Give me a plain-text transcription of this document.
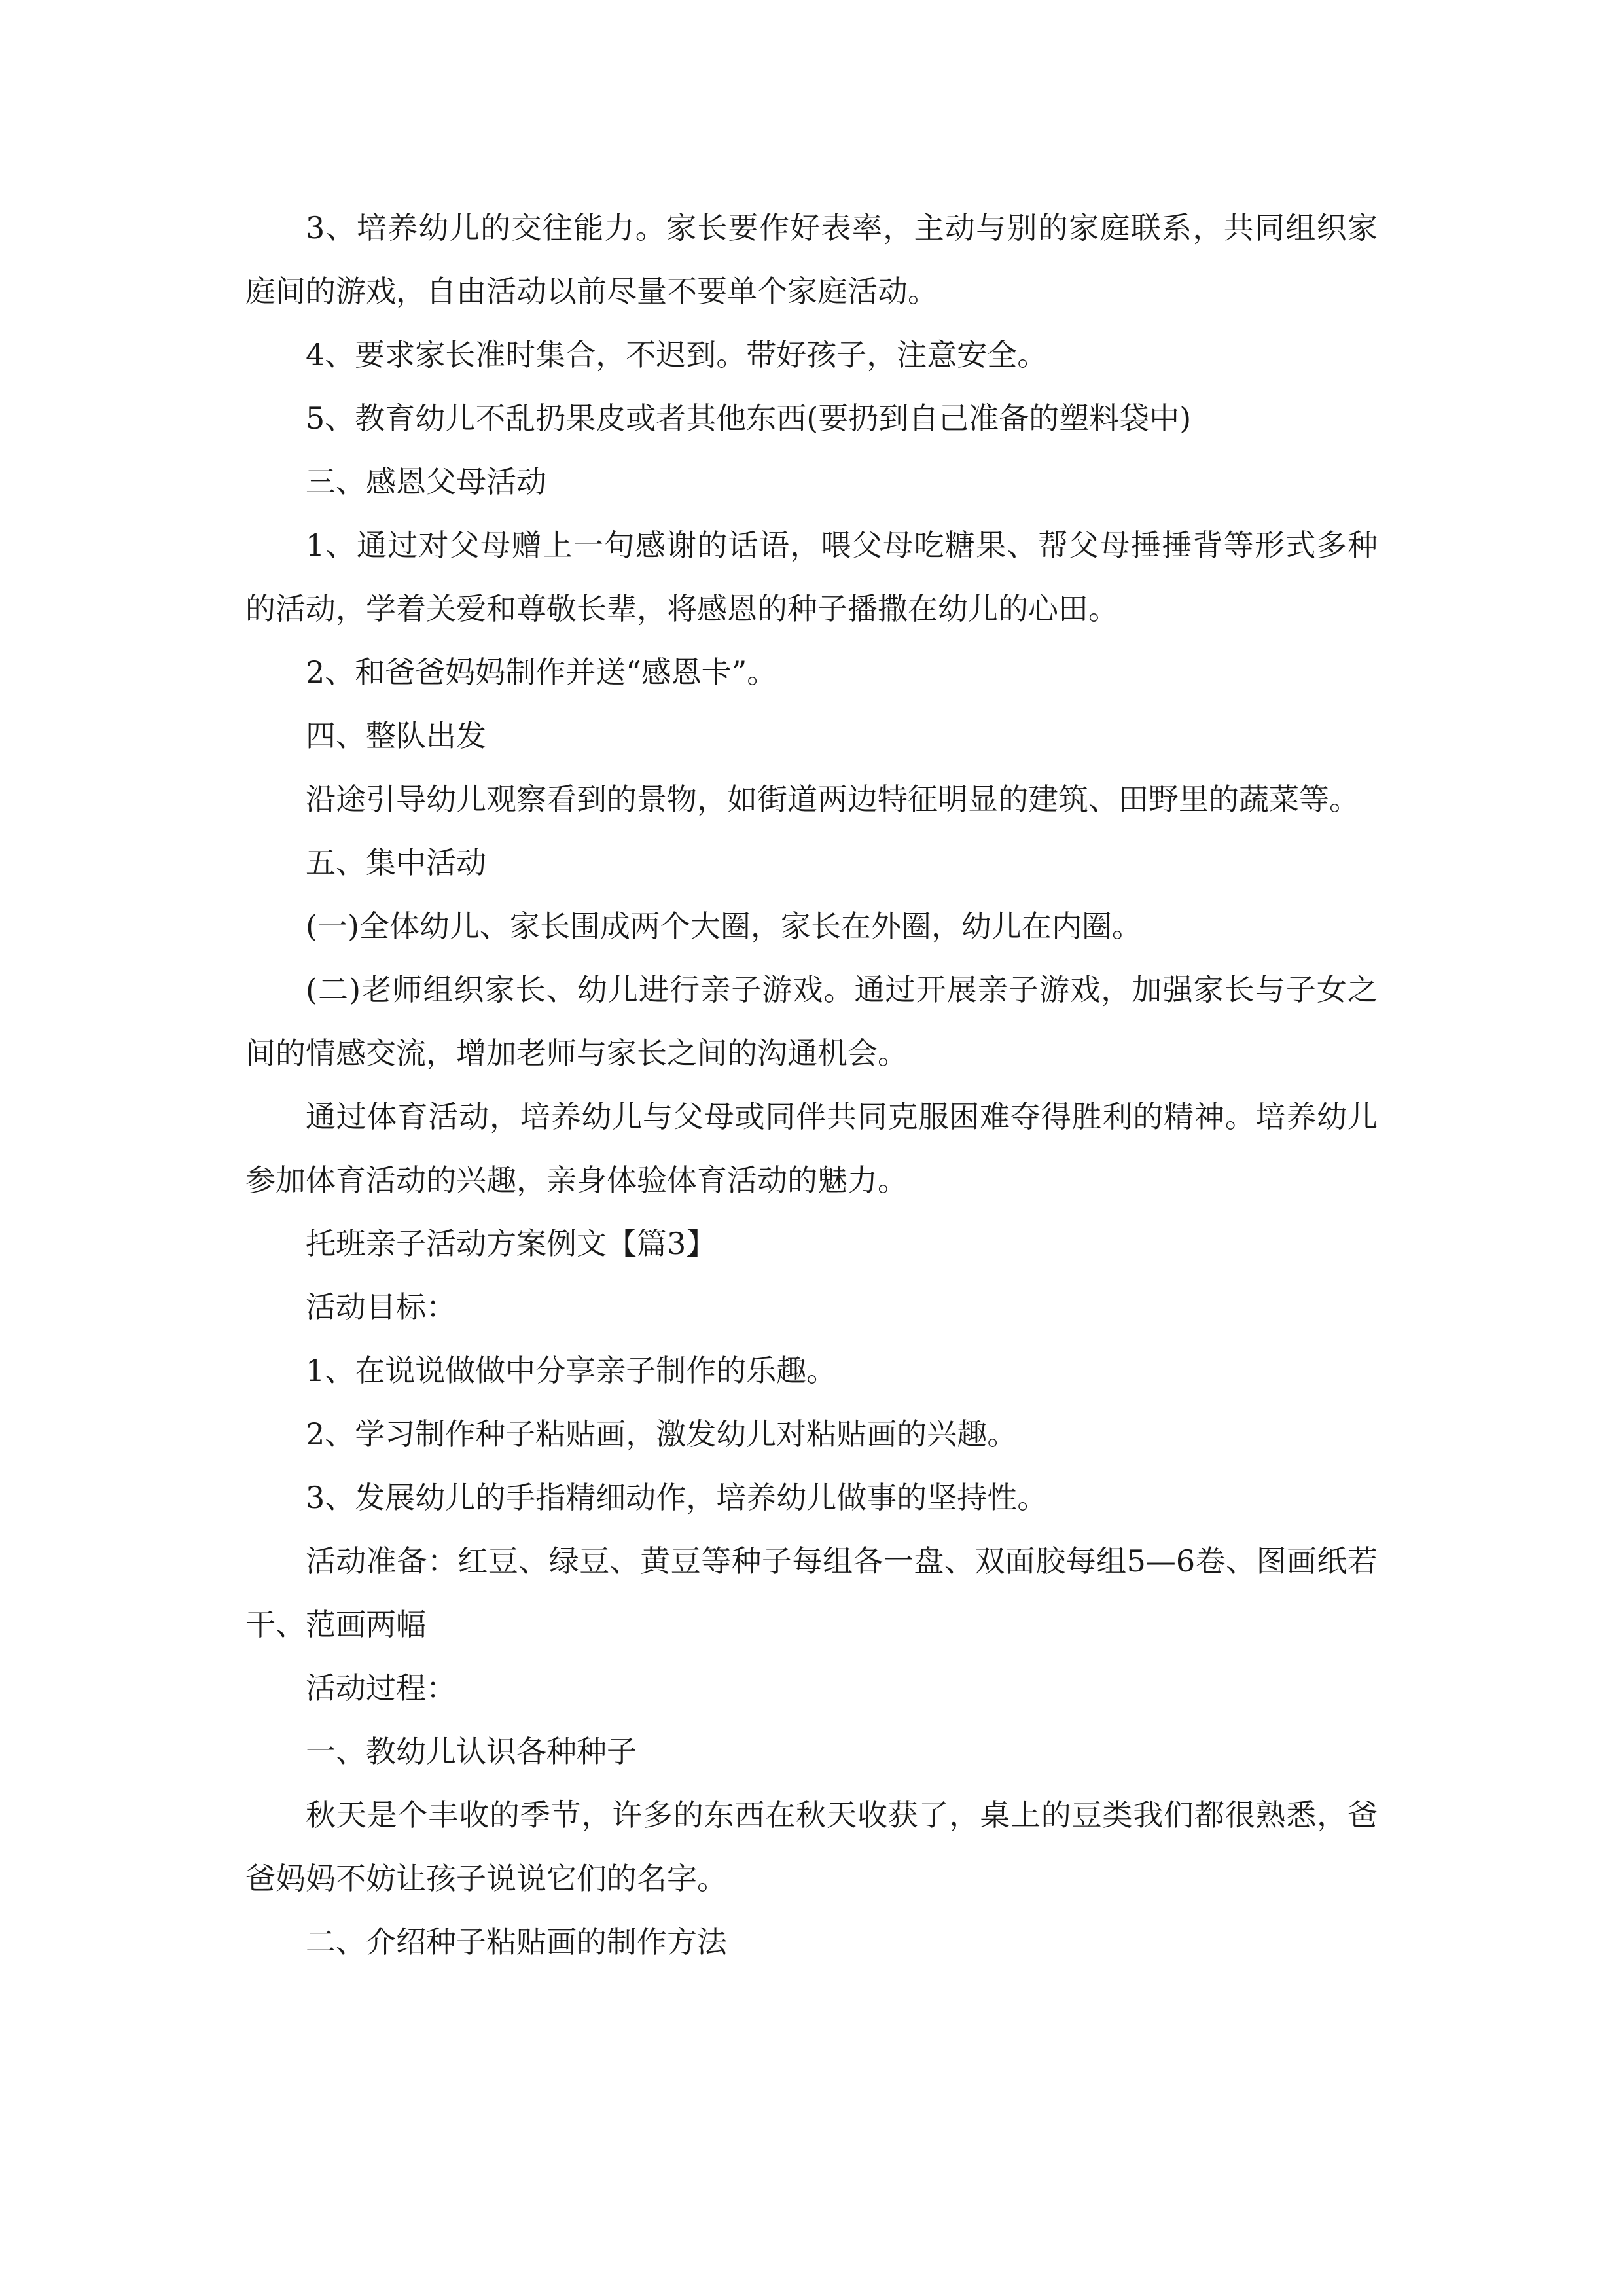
3、培养幼儿的交往能力。家长要作好表率，主动与别的家庭联系，共同组织家庭间的游戏，自由活动以前尽量不要单个家庭活动。

4、要求家长准时集合，不迟到。带好孩子，注意安全。

5、教育幼儿不乱扔果皮或者其他东西(要扔到自己准备的塑料袋中)

三、感恩父母活动

1、通过对父母赠上一句感谢的话语，喂父母吃糖果、帮父母捶捶背等形式多种的活动，学着关爱和尊敬长辈，将感恩的种子播撒在幼儿的心田。

2、和爸爸妈妈制作并送“感恩卡”。

四、整队出发

沿途引导幼儿观察看到的景物，如街道两边特征明显的建筑、田野里的蔬菜等。

五、集中活动

(一)全体幼儿、家长围成两个大圈，家长在外圈，幼儿在内圈。

(二)老师组织家长、幼儿进行亲子游戏。通过开展亲子游戏，加强家长与子女之间的情感交流，增加老师与家长之间的沟通机会。

通过体育活动，培养幼儿与父母或同伴共同克服困难夺得胜利的精神。培养幼儿参加体育活动的兴趣，亲身体验体育活动的魅力。

托班亲子活动方案例文【篇3】

活动目标：

1、在说说做做中分享亲子制作的乐趣。

2、学习制作种子粘贴画，激发幼儿对粘贴画的兴趣。

3、发展幼儿的手指精细动作，培养幼儿做事的坚持性。

活动准备：红豆、绿豆、黄豆等种子每组各一盘、双面胶每组5—6卷、图画纸若干、范画两幅

活动过程：

一、教幼儿认识各种种子

秋天是个丰收的季节，许多的东西在秋天收获了，桌上的豆类我们都很熟悉，爸爸妈妈不妨让孩子说说它们的名字。

二、介绍种子粘贴画的制作方法
